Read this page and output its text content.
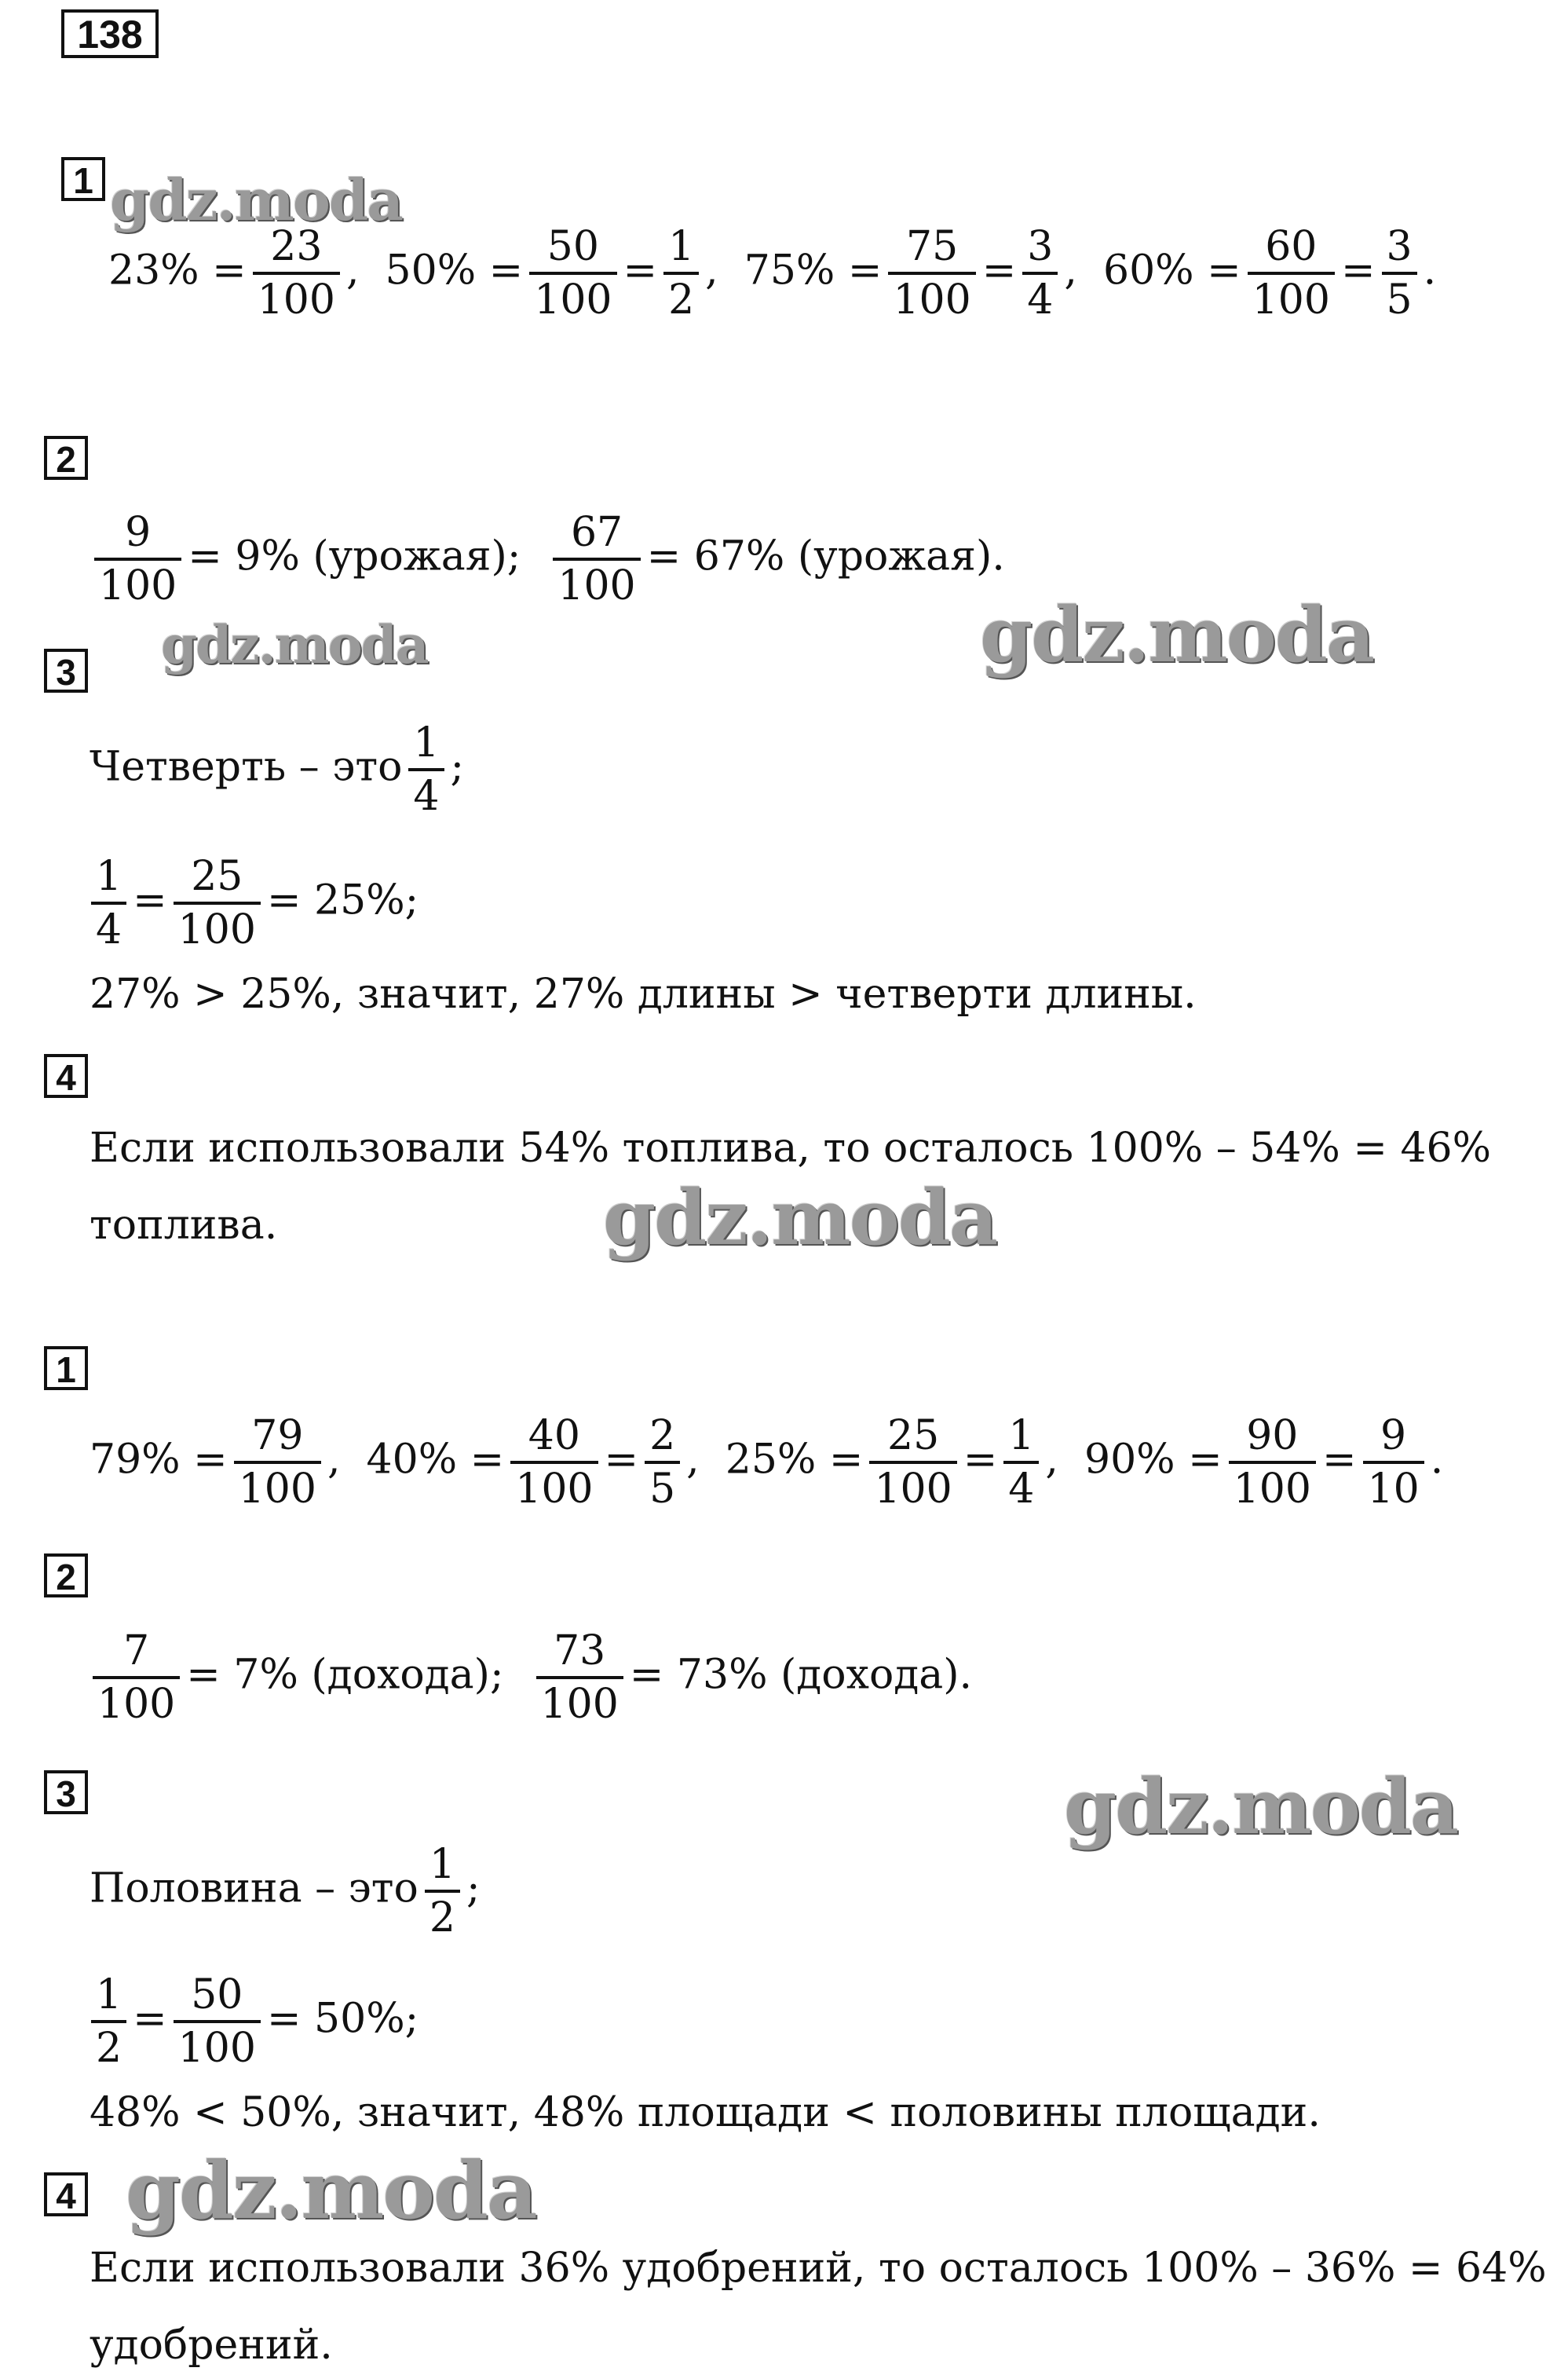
138
gdz.moda
gdz.moda	gdz.moda
gdz.moda
gdz.moda
gdz.moda
1
$23\% = \frac{23}{100}$ , $50\% = \frac{50}{100} = \frac{1}{2}$ , $75\% = \frac{75}{100} = \frac{3}{4}$ , $60\% = \frac{60}{100} = \frac{3}{5}$ .
2
$\frac{9}{100} = 9\%$ (урожая); $\frac{67}{100} = 67\%$ (урожая).
3
Четверть – это $\frac{1}{4}$ ;
$\frac{1}{4} = \frac{25}{100} = 25\%$;
27% > 25%, значит, 27% длины > четверти длины.
4
Если использовали 54% топлива, то осталось 100% – 54% = 46%
топлива.
1
$79\% = \frac{79}{100}$ , $40\% = \frac{40}{100} = \frac{2}{5}$ , $25\% = \frac{25}{100} = \frac{1}{4}$ , $90\% = \frac{90}{100} = \frac{9}{10}$ .
2
$\frac{7}{100} = 7\%$ (дохода); $\frac{73}{100} = 73\%$ (дохода).
3
Половина – это $\frac{1}{2}$ ;
$\frac{1}{2} = \frac{50}{100} = 50\%$;
48% < 50%, значит, 48% площади < половины площади.
4
Если использовали 36% удобрений, то осталось 100% – 36% = 64%
удобрений.
